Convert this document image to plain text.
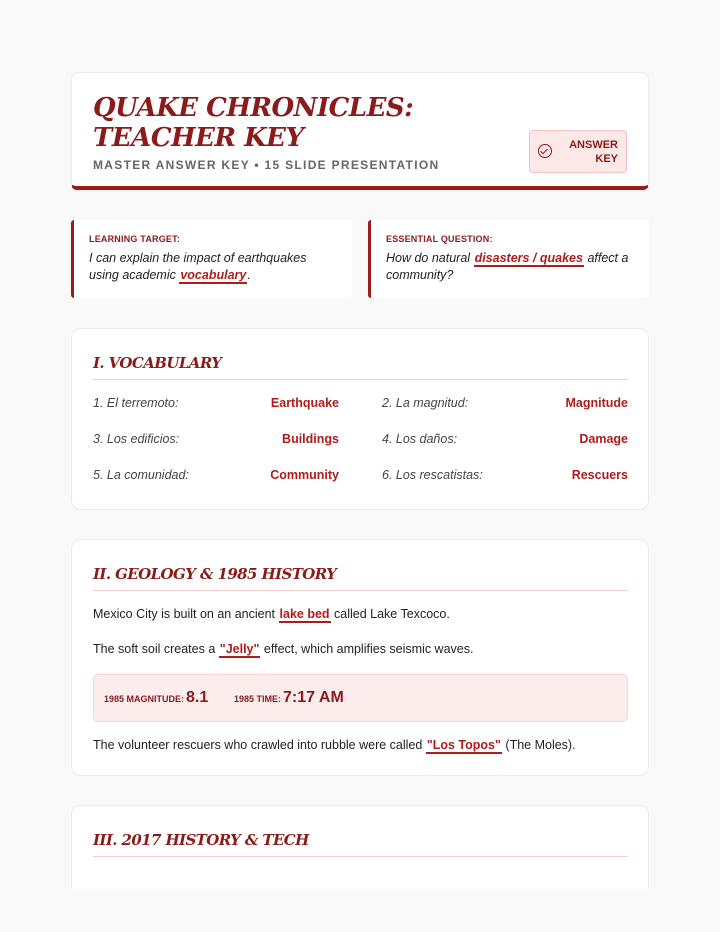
QUAKE CHRONICLES: TEACHER KEY
MASTER ANSWER KEY • 15 SLIDE PRESENTATION
ANSWER
KEY
LEARNING TARGET:
I can explain the impact of earthquakes using academic vocabulary.
ESSENTIAL QUESTION:
How do natural disasters / quakes affect a community?
I. VOCABULARY
1. El terremoto:	Earthquake	2. La magnitud:	Magnitude
3. Los edificios:	Buildings	4. Los daños:	Damage
5. La comunidad:	Community	6. Los rescatistas:	Rescuers
II. GEOLOGY & 1985 HISTORY
Mexico City is built on an ancient lake bed called Lake Texcoco.
The soft soil creates a "Jelly" effect, which amplifies seismic waves.
1985 MAGNITUDE: 8.1	1985 TIME: 7:17 AM
The volunteer rescuers who crawled into rubble were called "Los Topos" (The Moles).
III. 2017 HISTORY & TECH
